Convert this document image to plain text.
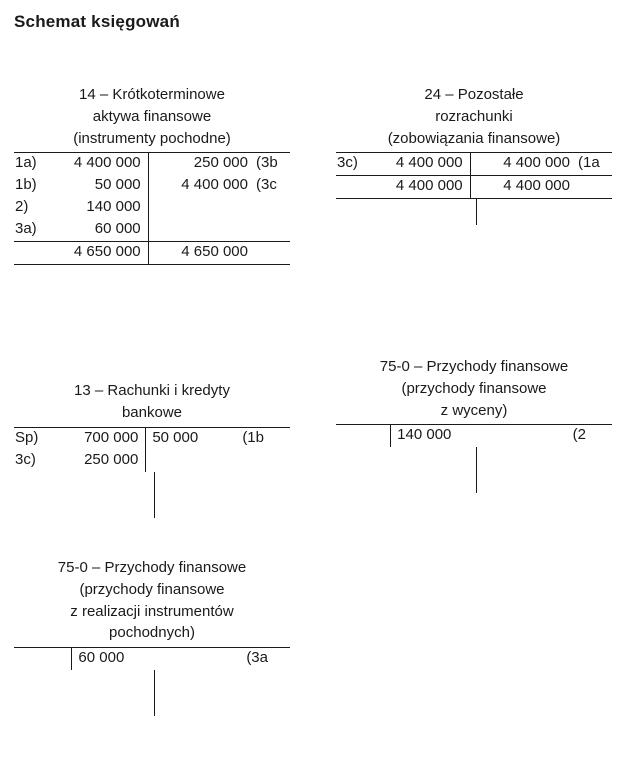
Schemat księgowań
14 – Krótkoterminowe
aktywa finansowe
(instrumenty pochodne)
1a)	4 400 000	250 000	(3b
1b)	50 000	4 400 000	(3c
2)	140 000		
3a)	60 000		
	4 650 000	4 650 000	
24 – Pozostałe
rozrachunki
(zobowiązania finansowe)
3c)	4 400 000	4 400 000	(1a
	4 400 000	4 400 000	
13 – Rachunki i kredyty
bankowe
Sp)	700 000	50 000	(1b
3c)	250 000		
75-0 – Przychody finansowe
(przychody finansowe
z wyceny)
		140 000	(2
75-0 – Przychody finansowe
(przychody finansowe
z realizacji instrumentów
pochodnych)
		60 000	(3a
